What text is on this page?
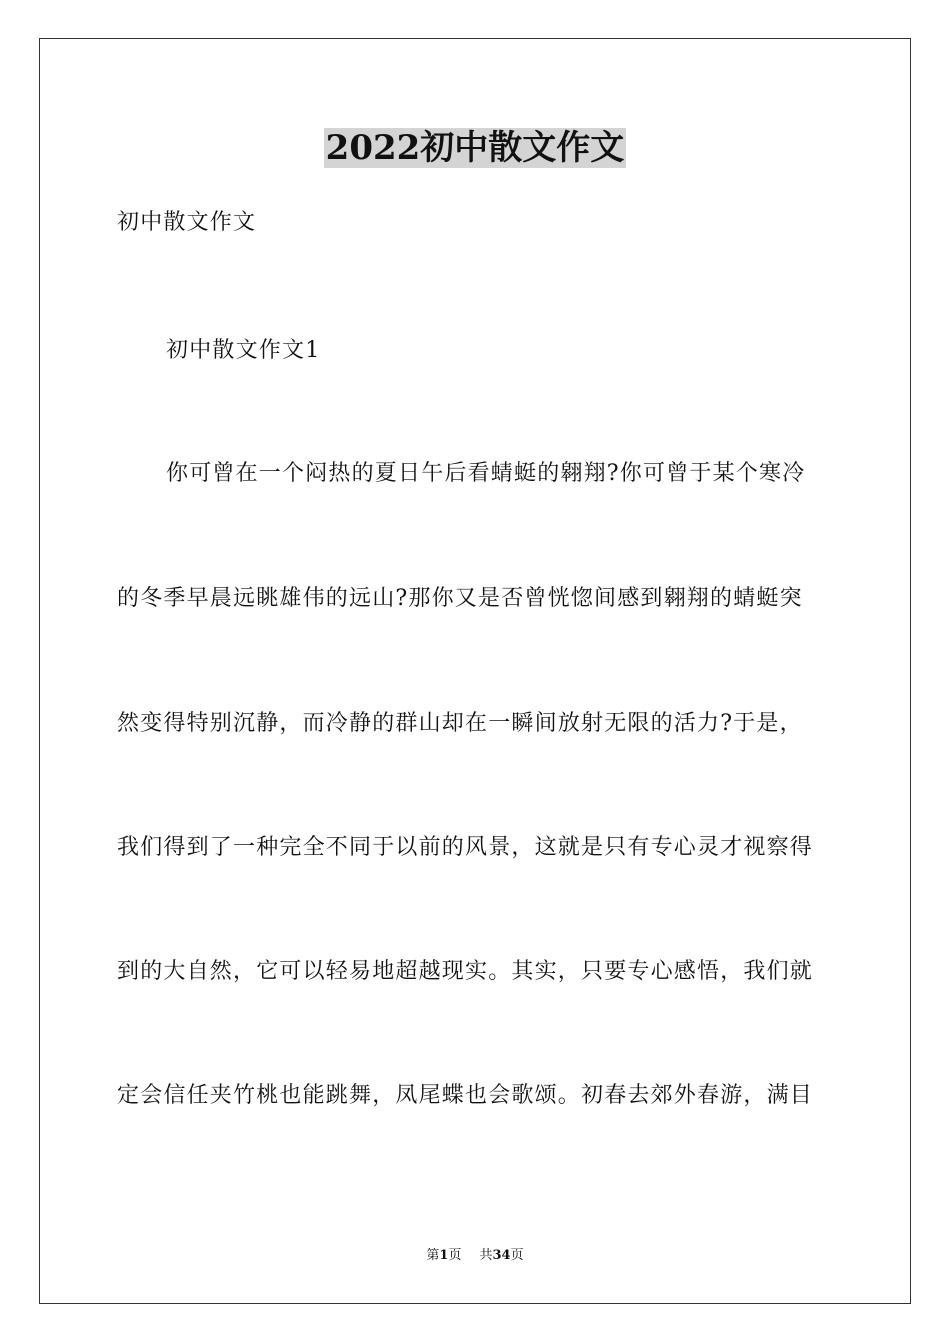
2022初中散文作文
初中散文作文
初中散文作文1
你可曾在一个闷热的夏日午后看蜻蜓的翱翔?你可曾于某个寒冷
的冬季早晨远眺雄伟的远山?那你又是否曾恍惚间感到翱翔的蜻蜓突
然变得特别沉静，而冷静的群山却在一瞬间放射无限的活力?于是，
我们得到了一种完全不同于以前的风景，这就是只有专心灵才视察得
到的大自然，它可以轻易地超越现实。其实，只要专心感悟，我们就
定会信任夹竹桃也能跳舞，凤尾蝶也会歌颂。初春去郊外春游，满目
第1页 共34页
